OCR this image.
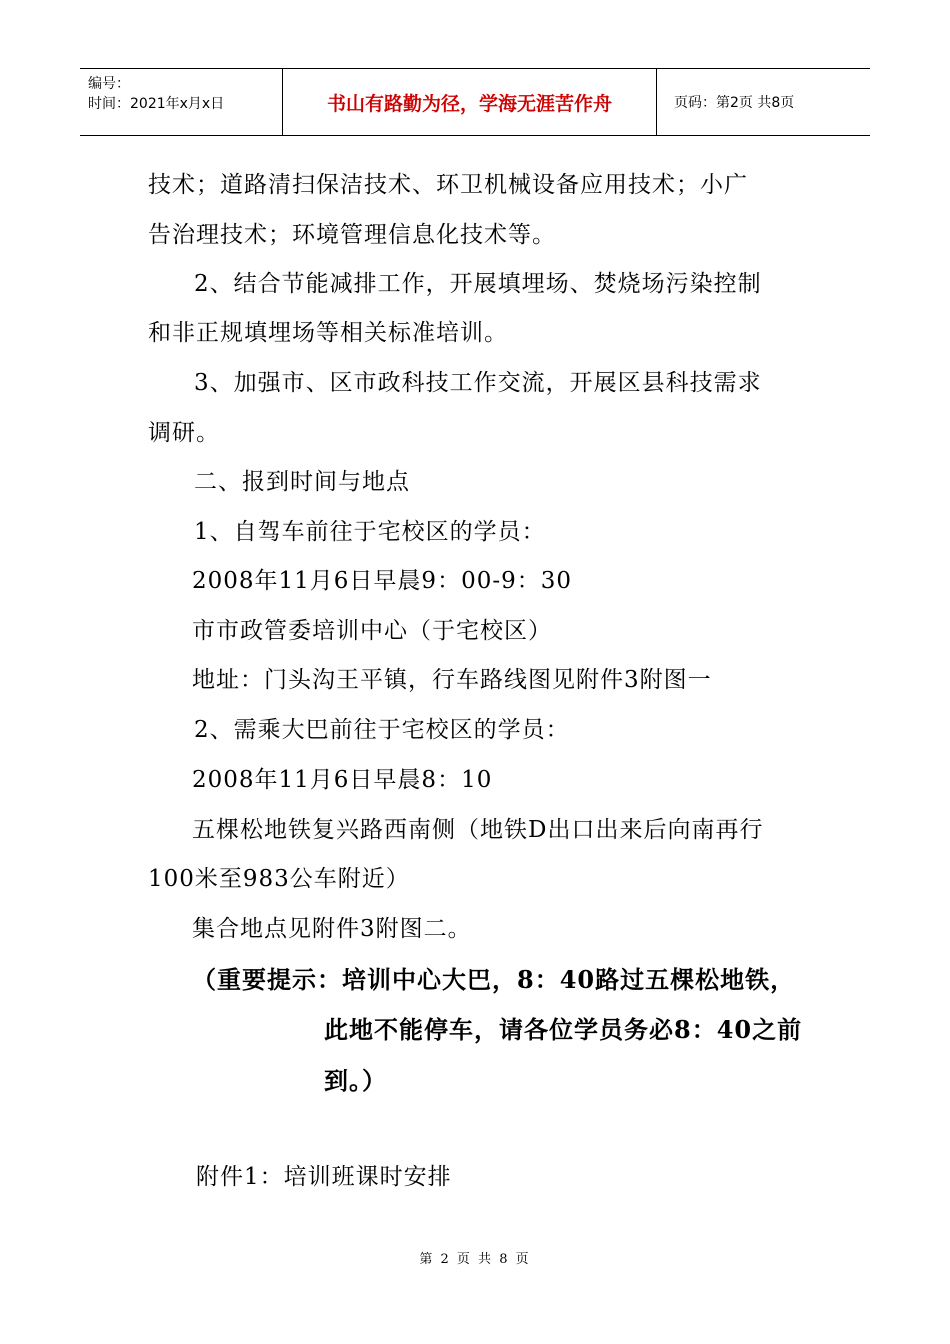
编号：
时间：2021年x月x日	书山有路勤为径，学海无涯苦作舟	页码：第2页 共8页
技术；道路清扫保洁技术、环卫机械设备应用技术；小广
告治理技术；环境管理信息化技术等。
2、结合节能减排工作，开展填埋场、焚烧场污染控制
和非正规填埋场等相关标准培训。
3、加强市、区市政科技工作交流，开展区县科技需求
调研。
二、报到时间与地点
1、自驾车前往于宅校区的学员：
2008年11月6日早晨9：00-9：30
市市政管委培训中心（于宅校区）
地址：门头沟王平镇，行车路线图见附件3附图一
2、需乘大巴前往于宅校区的学员：
2008年11月6日早晨8：10
五棵松地铁复兴路西南侧（地铁D出口出来后向南再行
100米至983公车附近）
集合地点见附件3附图二。
（重要提示：培训中心大巴，8：40路过五棵松地铁，
此地不能停车，请各位学员务必8：40之前
到。）
附件1：培训班课时安排
第 2 页 共 8 页
